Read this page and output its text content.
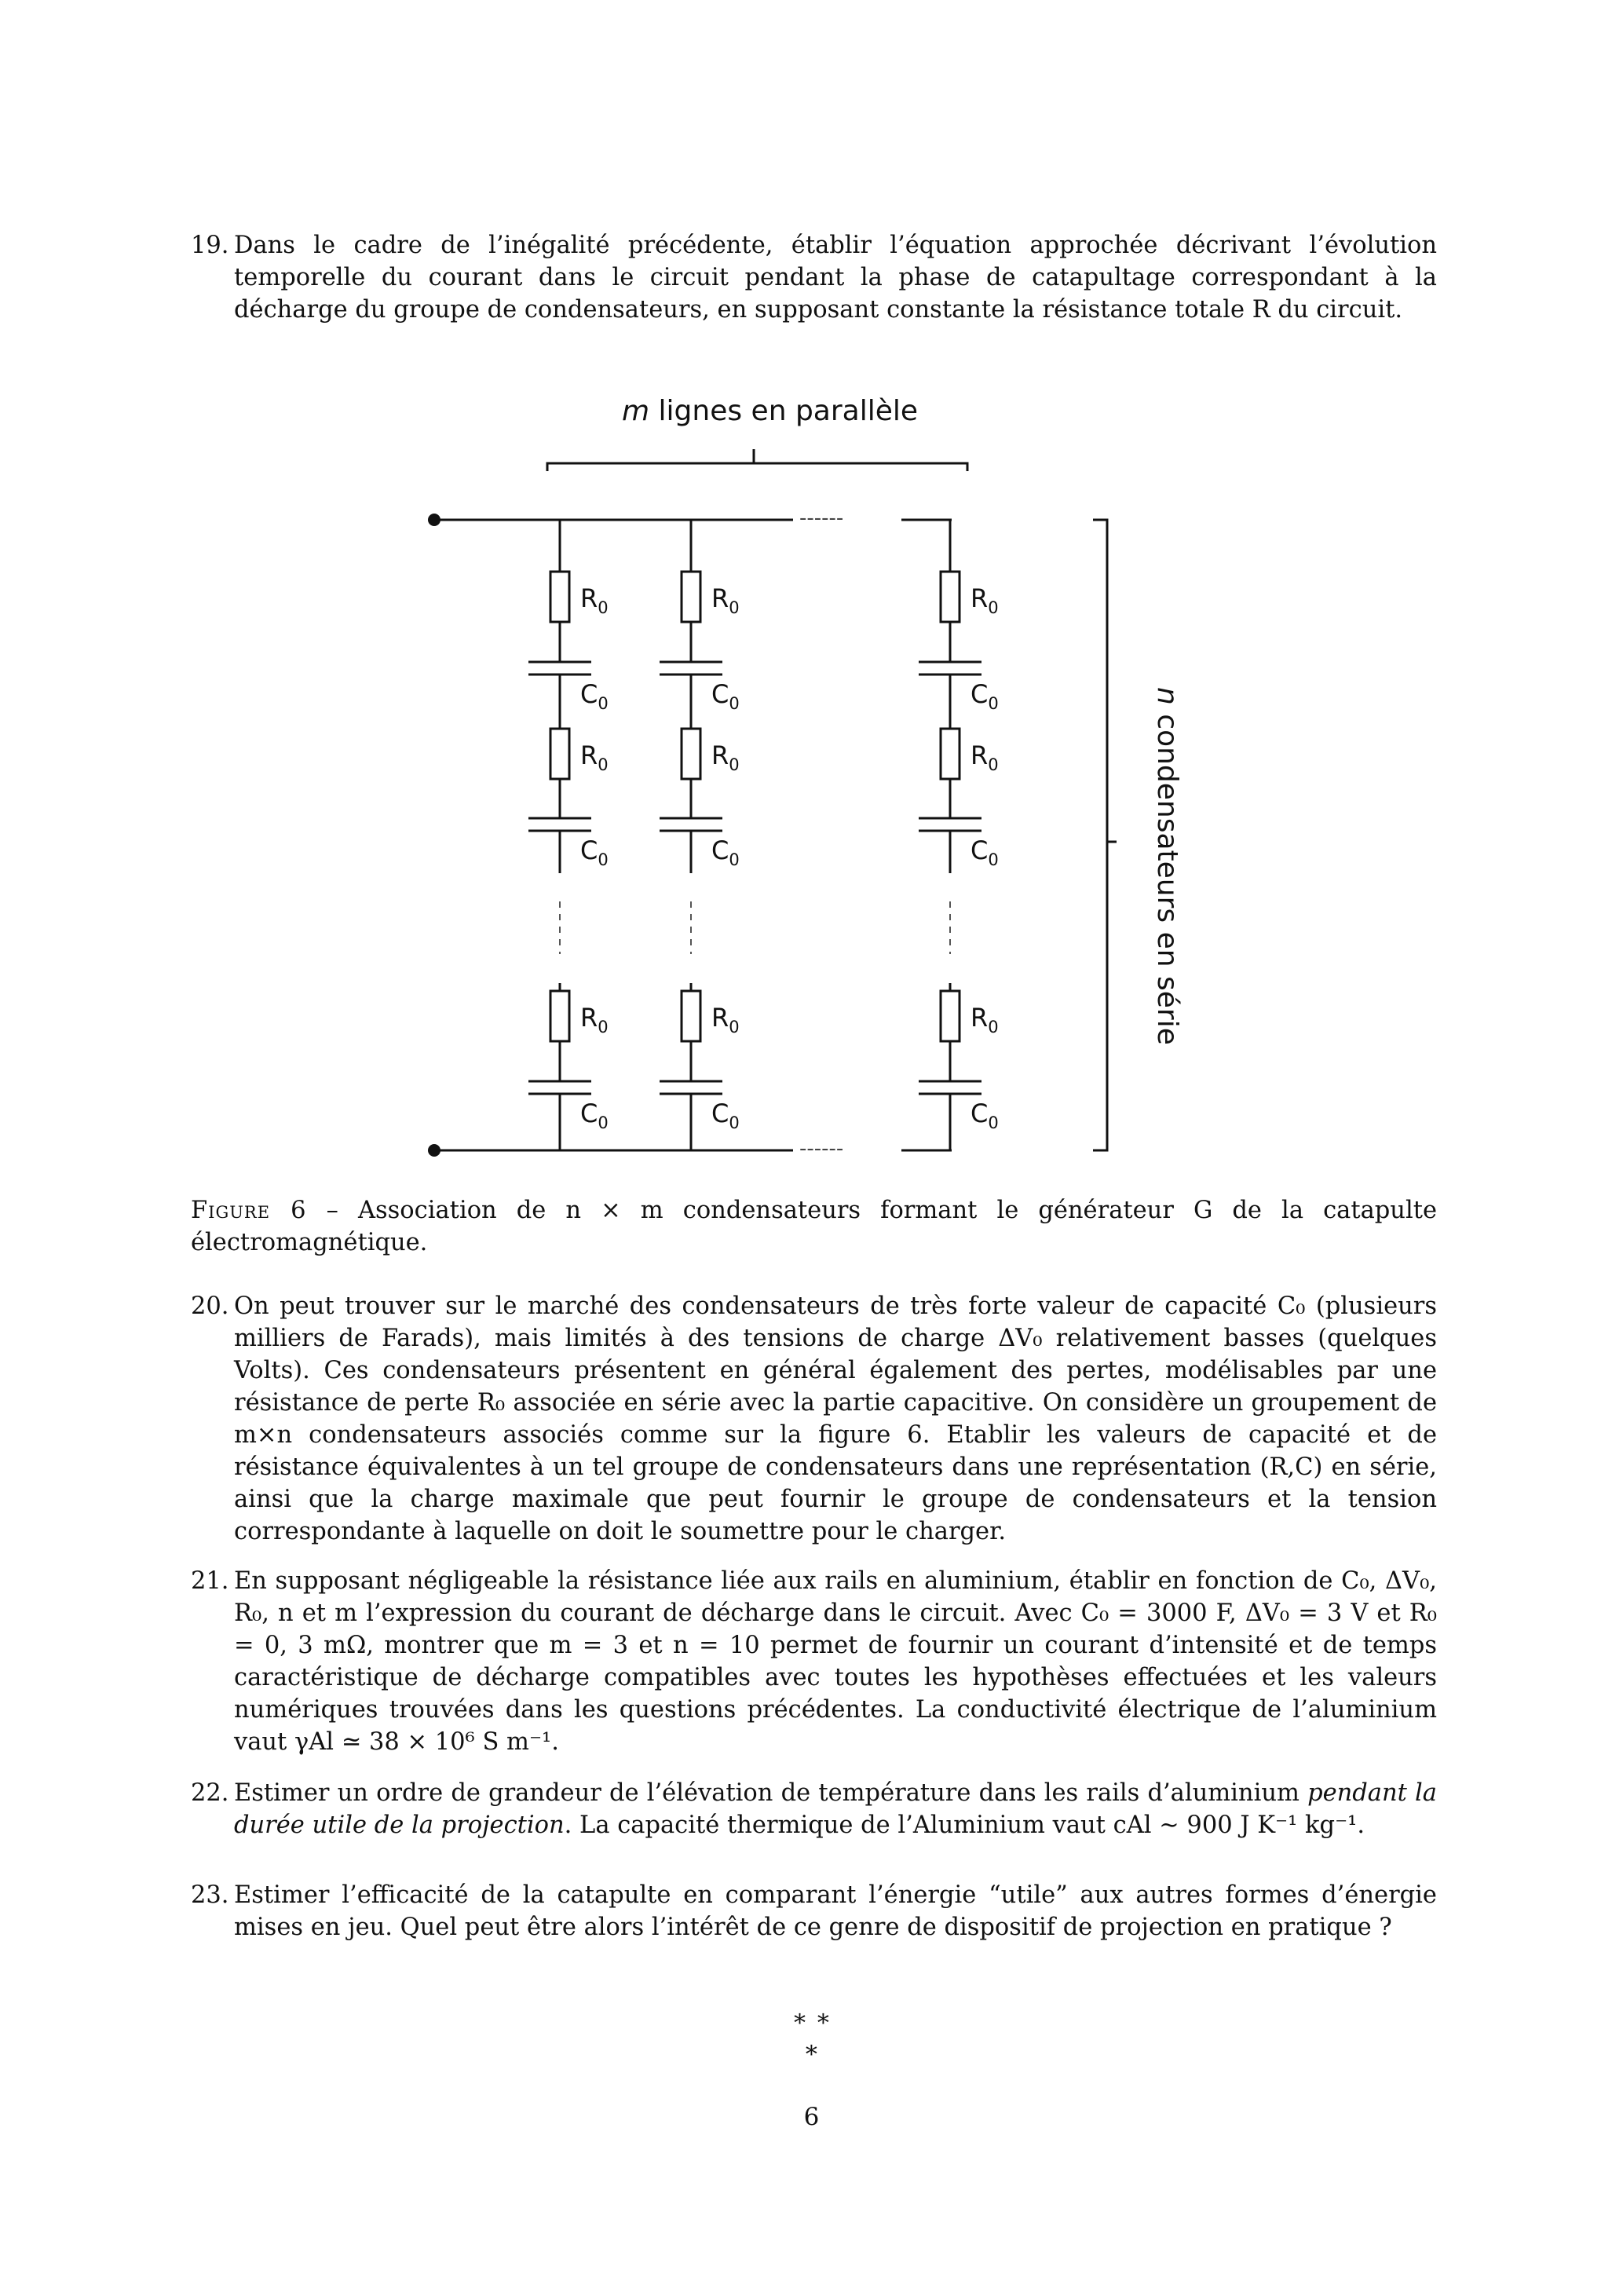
19. Dans le cadre de l’inégalité précédente, établir l’équation approchée décrivant l’évolution temporelle du courant dans le circuit pendant la phase de catapultage correspondant à la décharge du groupe de condensateurs, en supposant constante la résistance totale R du circuit.
------
------
m lignes en parallèle
n condensateurs en série
$R_0$
$C_0$
$R_0$
$C_0$
$R_0$
$C_0$
$R_0$
$C_0$
$R_0$
$C_0$
$R_0$
$C_0$
$R_0$
$C_0$
$R_0$
$C_0$
$R_0$
$C_0$
Figure 6 – Association de n × m condensateurs formant le générateur G de la catapulte électromagnétique.
20. On peut trouver sur le marché des condensateurs de très forte valeur de capacité C₀ (plusieurs milliers de Farads), mais limités à des tensions de charge ΔV₀ relativement basses (quelques Volts). Ces condensateurs présentent en général également des pertes, modélisables par une résistance de perte R₀ associée en série avec la partie capacitive. On considère un groupement de m×n condensateurs associés comme sur la figure 6. Etablir les valeurs de capacité et de résistance équivalentes à un tel groupe de condensateurs dans une représentation (R,C) en série, ainsi que la charge maximale que peut fournir le groupe de condensateurs et la tension correspondante à laquelle on doit le soumettre pour le charger.
21. En supposant négligeable la résistance liée aux rails en aluminium, établir en fonction de C₀, ΔV₀, R₀, n et m l’expression du courant de décharge dans le circuit. Avec C₀ = 3000 F, ΔV₀ = 3 V et R₀ = 0, 3 mΩ, montrer que m = 3 et n = 10 permet de fournir un courant d’intensité et de temps caractéristique de décharge compatibles avec toutes les hypothèses effectuées et les valeurs numériques trouvées dans les questions précédentes. La conductivité électrique de l’aluminium vaut γAl ≃ 38 × 10⁶ S m⁻¹.
22. Estimer un ordre de grandeur de l’élévation de température dans les rails d’aluminium pendant la durée utile de la projection. La capacité thermique de l’Aluminium vaut cAl ∼ 900 J K⁻¹ kg⁻¹.
23. Estimer l’efficacité de la catapulte en comparant l’énergie “utile” aux autres formes d’énergie mises en jeu. Quel peut être alors l’intérêt de ce genre de dispositif de projection en pratique ?
∗ ∗
∗
6
